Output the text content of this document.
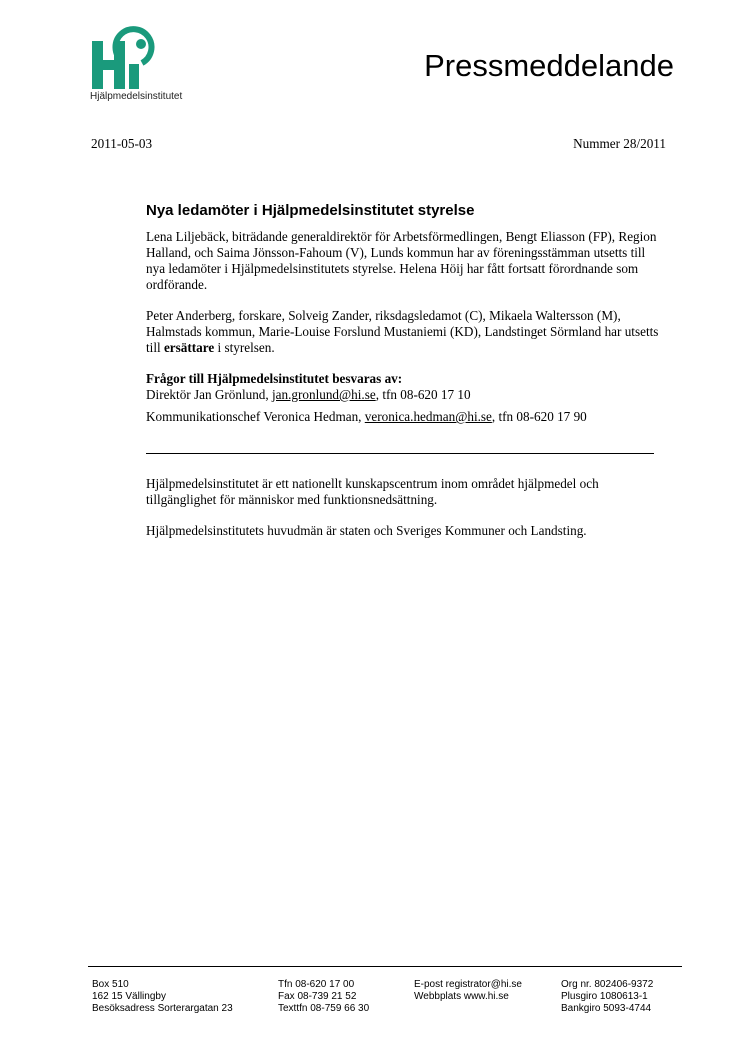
Hjälpmedelsinstitutet
Pressmeddelande
2011-05-03	Nummer 28/2011
Nya ledamöter i Hjälpmedelsinstitutet styrelse

Lena Liljebäck, biträdande generaldirektör för Arbetsförmedlingen, Bengt Eliasson (FP), Region Halland, och Saima Jönsson-Fahoum (V), Lunds kommun har av föreningsstämman utsetts till nya ledamöter i Hjälpmedelsinstitutets styrelse. Helena Höij har fått fortsatt förordnande som ordförande.

Peter Anderberg, forskare, Solveig Zander, riksdagsledamot (C), Mikaela Waltersson (M), Halmstads kommun, Marie-Louise Forslund Mustaniemi (KD), Landstinget Sörmland har utsetts till ersättare i styrelsen.

Frågor till Hjälpmedelsinstitutet besvaras av:

Direktör Jan Grönlund, jan.gronlund@hi.se, tfn 08-620 17 10

Kommunikationschef Veronica Hedman, veronica.hedman@hi.se, tfn 08-620 17 90

Hjälpmedelsinstitutet är ett nationellt kunskapscentrum inom området hjälpmedel och tillgänglighet för människor med funktionsnedsättning.

Hjälpmedelsinstitutets huvudmän är staten och Sveriges Kommuner och Landsting.

Box 510
162 15 Vällingby
Besöksadress Sorterargatan 23
Tfn 08-620 17 00
Fax 08-739 21 52
Texttfn 08-759 66 30
E-post registrator@hi.se
Webbplats www.hi.se
Org nr. 802406-9372
Plusgiro 1080613-1
Bankgiro 5093-4744
